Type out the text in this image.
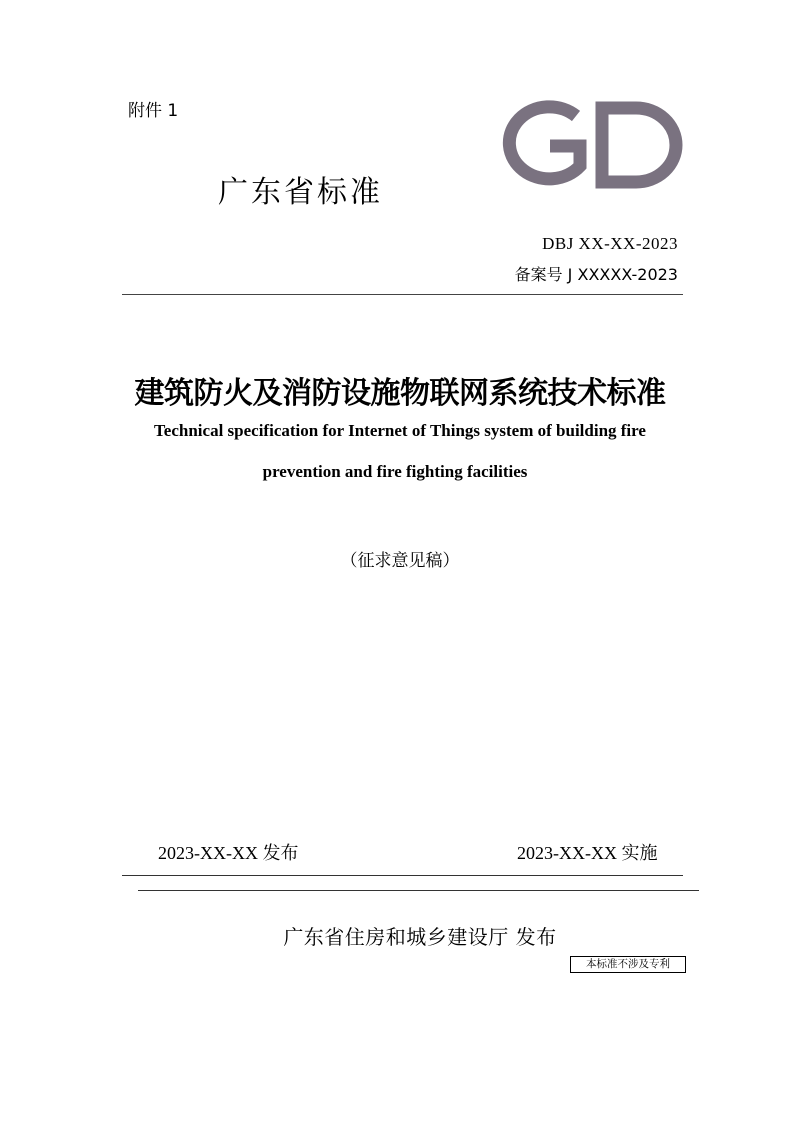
附件 1
广东省标准
DBJ XX-XX-2023
备案号 J XXXXX-2023
建筑防火及消防设施物联网系统技术标准
Technical specification for Internet of Things system of building fire
prevention and fire fighting facilities
（征求意见稿）
2023-XX-XX 发布	2023-XX-XX 实施
广东省住房和城乡建设厅 发布
本标准不涉及专利
